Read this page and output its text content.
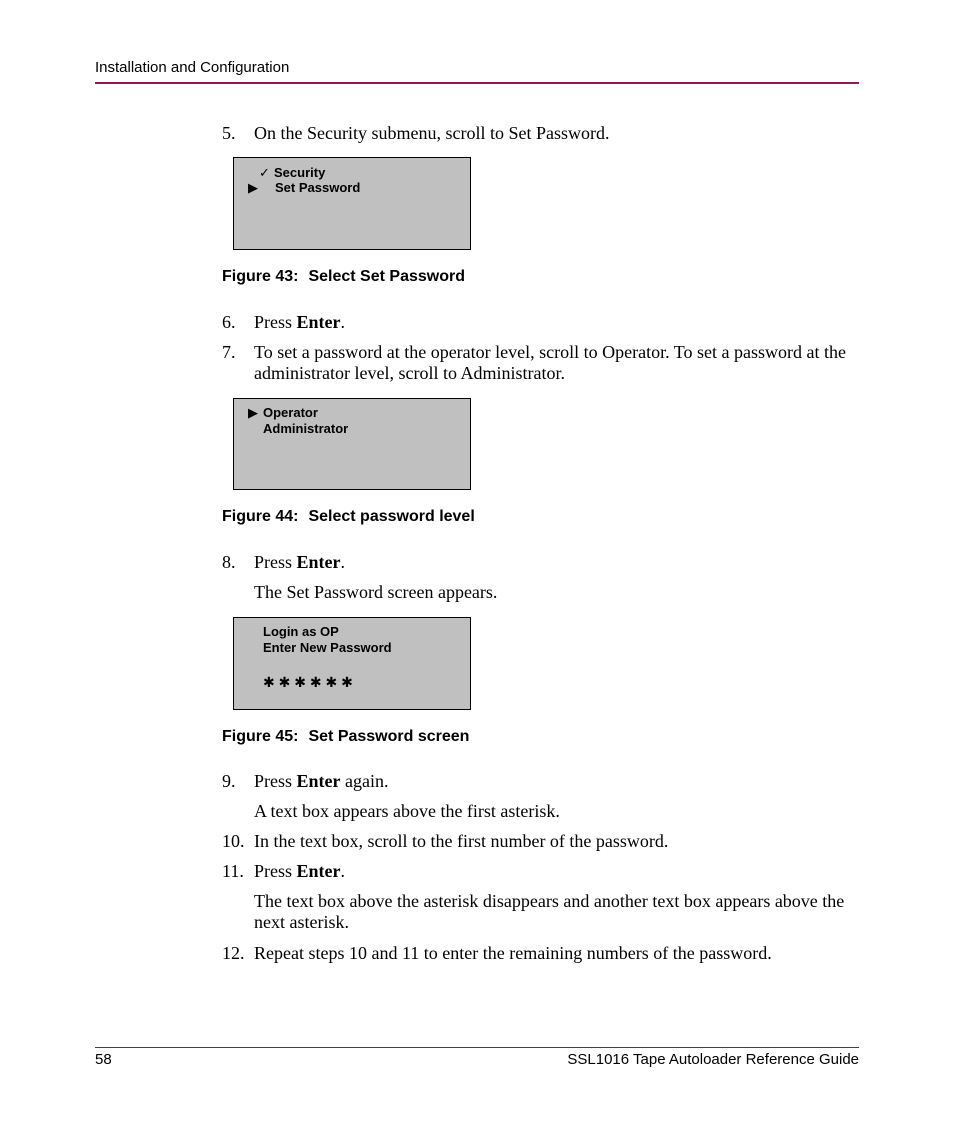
Installation and Configuration
5. On the Security submenu, scroll to Set Password.
✓ Security
▶ Set Password
Figure 43: Select Set Password
6. Press Enter.
7. To set a password at the operator level, scroll to Operator. To set a password at the administrator level, scroll to Administrator.
▶ Operator
Administrator
Figure 44: Select password level
8. Press Enter.
The Set Password screen appears.
Login as OP
Enter New Password
✱ ✱ ✱ ✱ ✱ ✱
Figure 45: Set Password screen
9. Press Enter again.
A text box appears above the first asterisk.
10. In the text box, scroll to the first number of the password.
11. Press Enter.
The text box above the asterisk disappears and another text box appears above the next asterisk.
12. Repeat steps 10 and 11 to enter the remaining numbers of the password.
58	SSL1016 Tape Autoloader Reference Guide
